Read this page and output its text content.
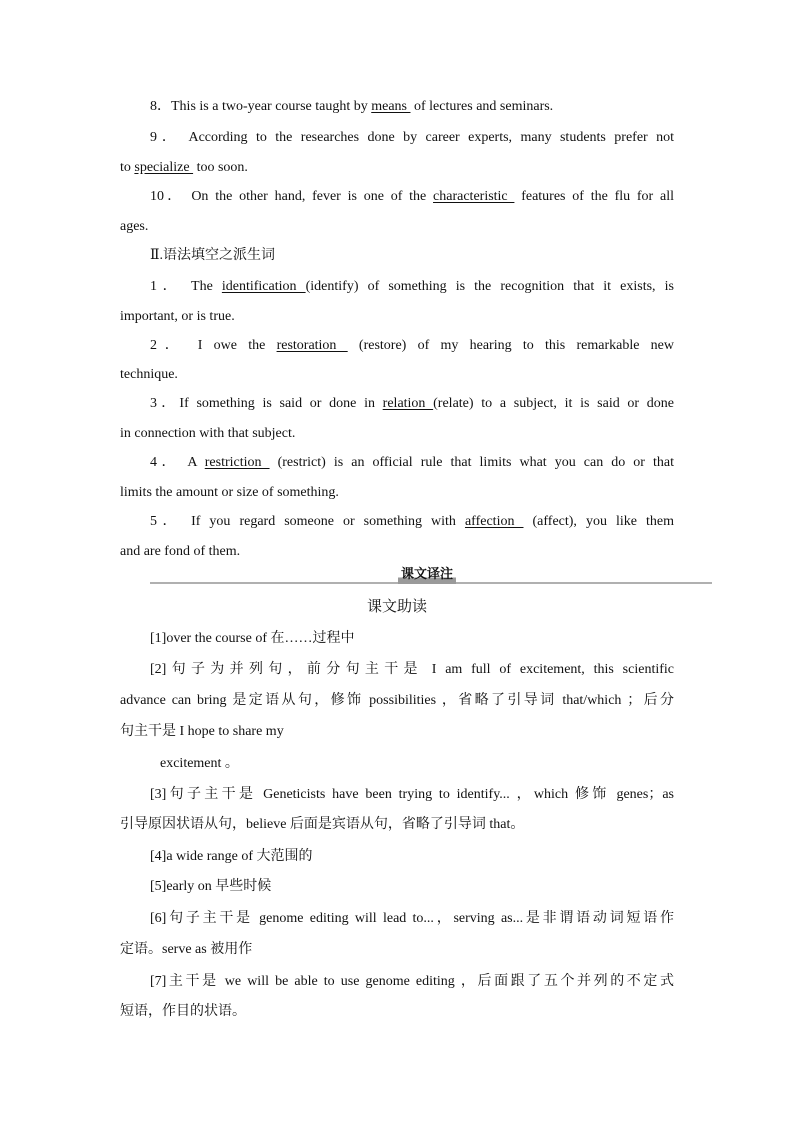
课文译注
课文助读
8．This is a two-year course taught by means  of lectures and seminars.
9． According to the researches done by career experts, many students prefer not
to specialize  too soon.
10． On the other hand, fever is one of the characteristic  features of the flu for all
ages.
Ⅱ.语法填空之派生词
1． The identification (identify) of something is the recognition that it exists, is
important, or is true.
2． I owe the restoration  (restore) of my hearing to this remarkable new
technique.
3．If something is said or done in relation (relate) to a subject, it is said or done
in connection with that subject.
4． A restriction  (restrict) is an official rule that limits what you can do or that
limits the amount or size of something.
5． If you regard someone or something with affection  (affect), you like them
and are fond of them.
[1]over the course of 在……过程中
[2]句子为并列句，前分句主干是 I am full of excitement, this scientific
advance can bring 是定语从句，修饰 possibilities ，省略了引导词 that/which ；后分
句主干是 I hope to share my
excitement 。
[3]句子主干是 Geneticists have been trying to identify... ，which 修饰 genes；as
引导原因状语从句，believe 后面是宾语从句，省略了引导词 that。
[4]a wide range of 大范围的
[5]early on 早些时候
[6]句子主干是 genome editing will lead to...，serving as...是非谓语动词短语作
定语。serve as 被用作
[7]主干是 we will be able to use genome editing ，后面跟了五个并列的不定式
短语，作目的状语。
